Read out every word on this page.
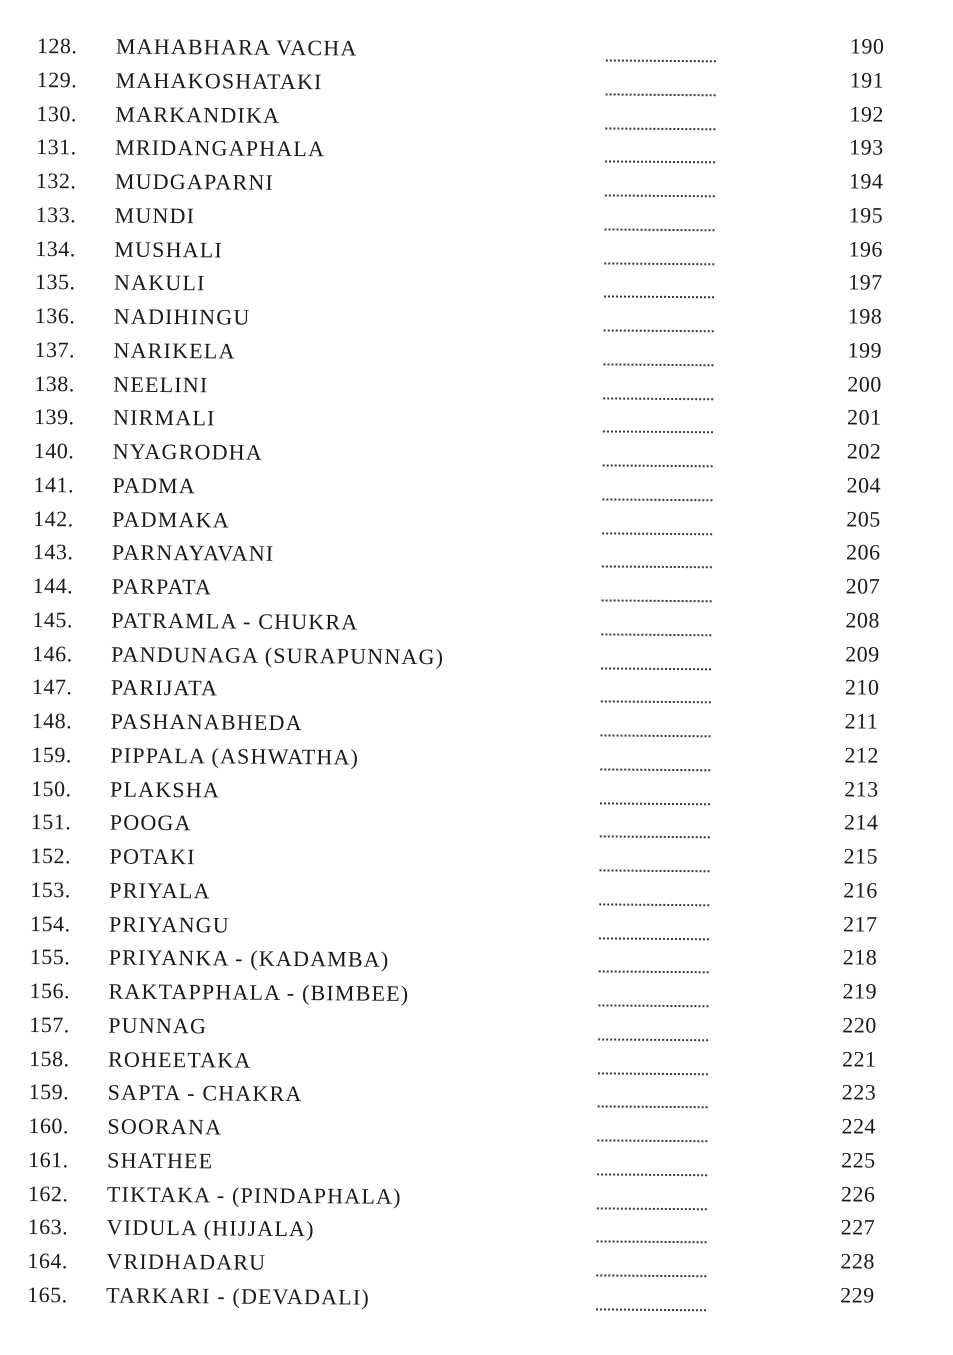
128.	MAHABHARA VACHA	190
129.	MAHAKOSHATAKI	191
130.	MARKANDIKA	192
131.	MRIDANGAPHALA	193
132.	MUDGAPARNI	194
133.	MUNDI	195
134.	MUSHALI	196
135.	NAKULI	197
136.	NADIHINGU	198
137.	NARIKELA	199
138.	NEELINI	200
139.	NIRMALI	201
140.	NYAGRODHA	202
141.	PADMA	204
142.	PADMAKA	205
143.	PARNAYAVANI	206
144.	PARPATA	207
145.	PATRAMLA - CHUKRA	208
146.	PANDUNAGA (SURAPUNNAG)	209
147.	PARIJATA	210
148.	PASHANABHEDA	211
159.	PIPPALA (ASHWATHA)	212
150.	PLAKSHA	213
151.	POOGA	214
152.	POTAKI	215
153.	PRIYALA	216
154.	PRIYANGU	217
155.	PRIYANKA - (KADAMBA)	218
156.	RAKTAPPHALA - (BIMBEE)	219
157.	PUNNAG	220
158.	ROHEETAKA	221
159.	SAPTA - CHAKRA	223
160.	SOORANA	224
161.	SHATHEE	225
162.	TIKTAKA - (PINDAPHALA)	226
163.	VIDULA (HIJJALA)	227
164.	VRIDHADARU	228
165.	TARKARI - (DEVADALI)	229
